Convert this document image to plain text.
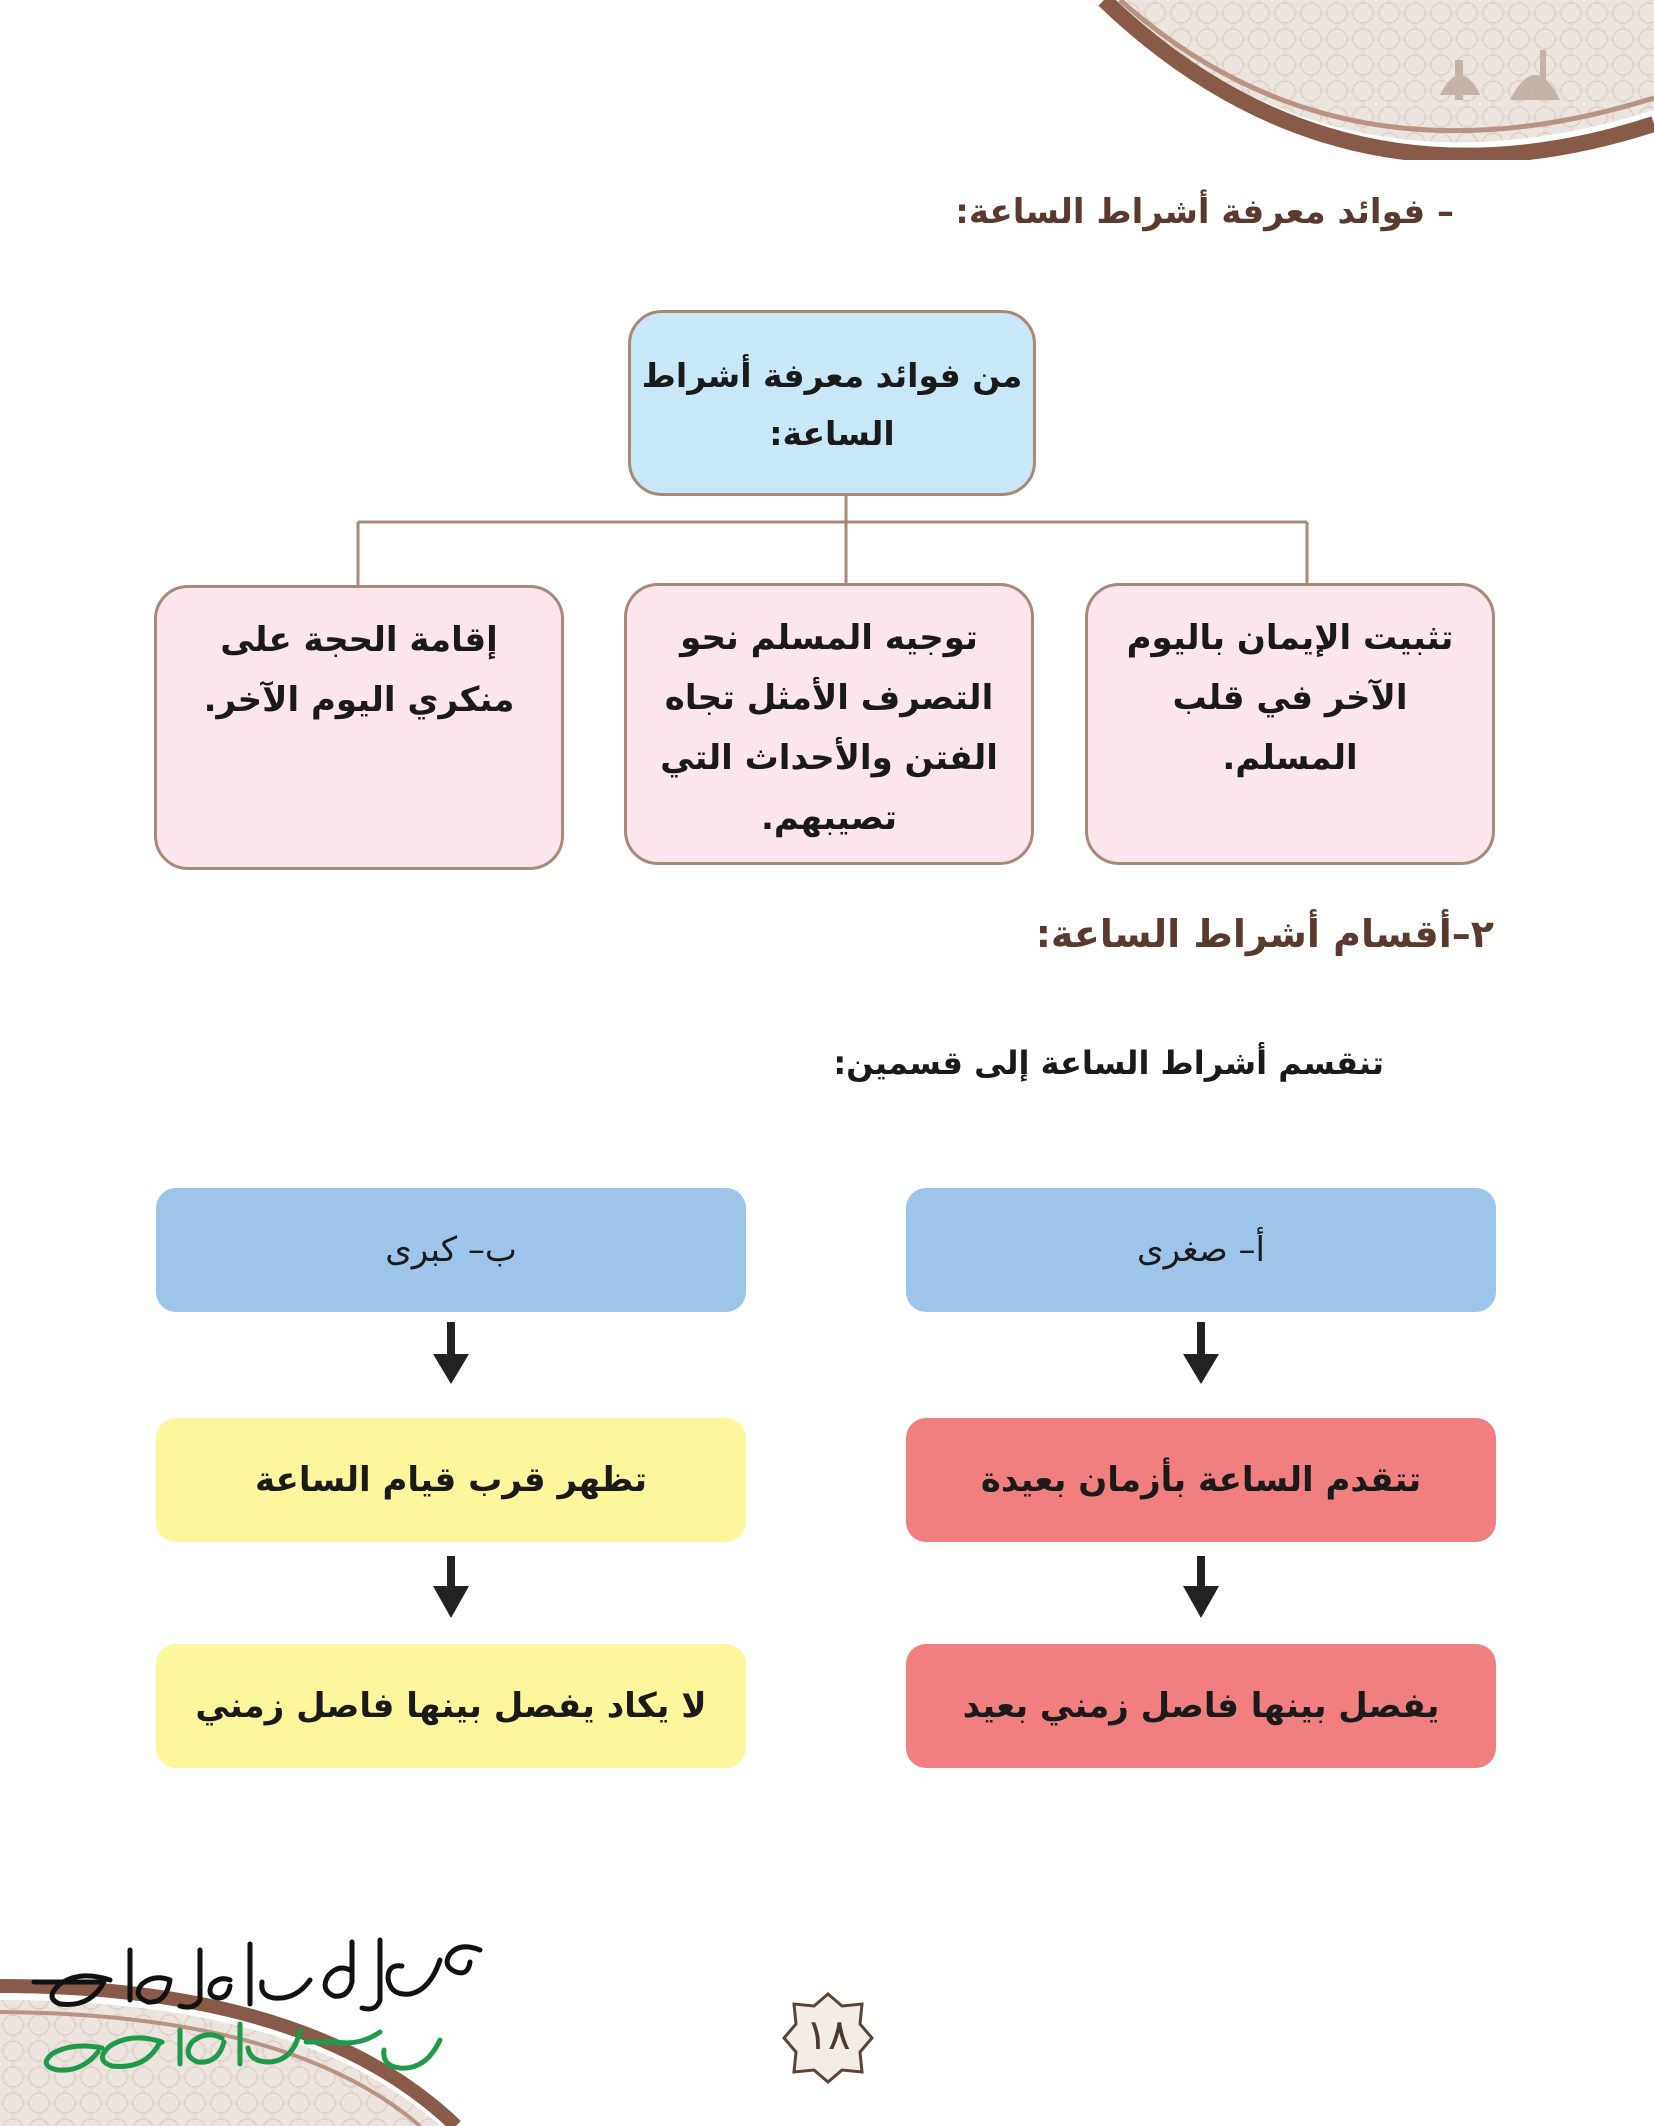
– فوائد معرفة أشراط الساعة:
من فوائد معرفة أشراط الساعة:
تثبيت الإيمان باليوم الآخر في قلب المسلم.
توجيه المسلم نحو التصرف الأمثل تجاه الفتن والأحداث التي تصيبهم.
إقامة الحجة على منكري اليوم الآخر.
٢–أقسام أشراط الساعة:
تنقسم أشراط الساعة إلى قسمين:
أ– صغرى
تتقدم الساعة بأزمان بعيدة
يفصل بينها فاصل زمني بعيد
ب– كبرى
تظهر قرب قيام الساعة
لا يكاد يفصل بينها فاصل زمني
١٨
